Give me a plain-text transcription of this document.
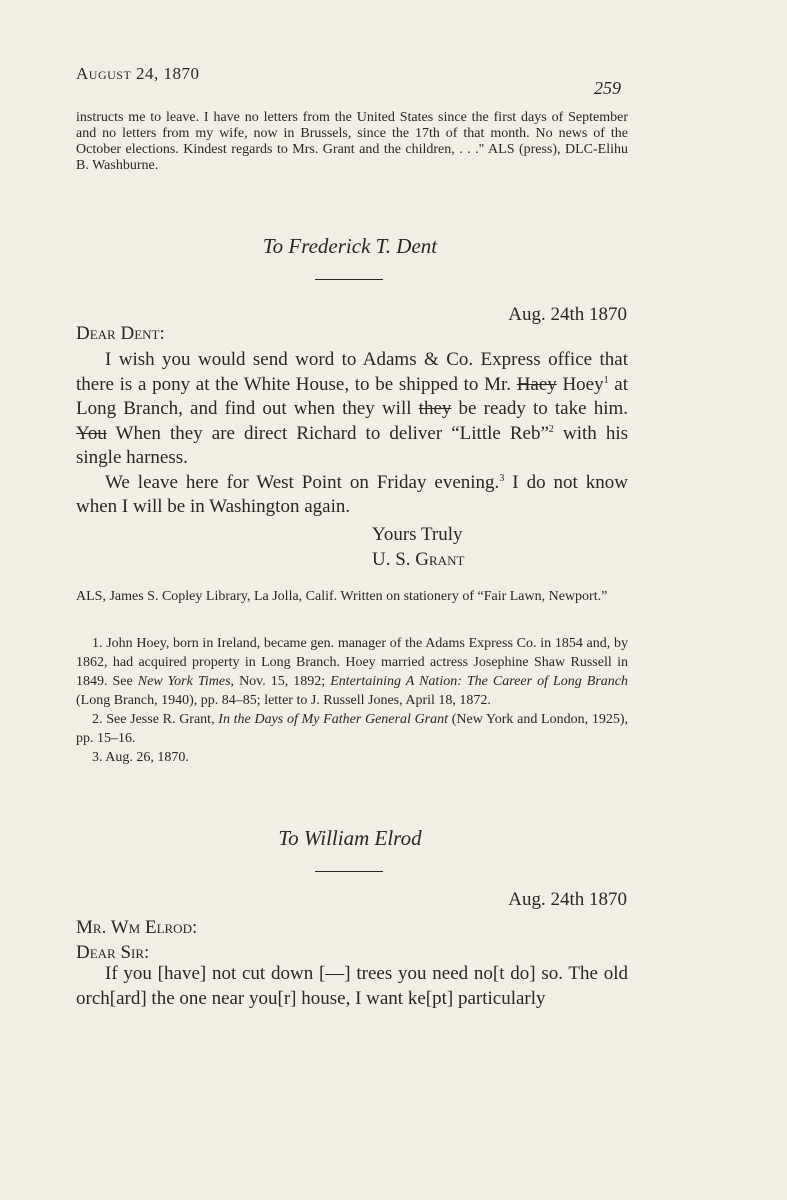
August 24, 1870
259
instructs me to leave. I have no letters from the United States since the first days of September and no letters from my wife, now in Brussels, since the 17th of that month. No news of the October elections. Kindest regards to Mrs. Grant and the children, . . ." ALS (press), DLC-Elihu B. Washburne.
To Frederick T. Dent
Aug. 24th 1870
Dear Dent:

I wish you would send word to Adams & Co. Express office that there is a pony at the White House, to be shipped to Mr. Haey Hoey$^1$ at Long Branch, and find out when they will they be ready to take him. You When they are direct Richard to deliver “Little Reb”$^2$ with his single harness.

We leave here for West Point on Friday evening.$^3$ I do not know when I will be in Washington again.

Yours Truly
U. S. Grant
ALS, James S. Copley Library, La Jolla, Calif. Written on stationery of “Fair Lawn, Newport.”

1. John Hoey, born in Ireland, became gen. manager of the Adams Express Co. in 1854 and, by 1862, had acquired property in Long Branch. Hoey married actress Josephine Shaw Russell in 1849. See New York Times, Nov. 15, 1892; Entertaining A Nation: The Career of Long Branch (Long Branch, 1940), pp. 84–85; letter to J. Russell Jones, April 18, 1872.

2. See Jesse R. Grant, In the Days of My Father General Grant (New York and London, 1925), pp. 15–16.

3. Aug. 26, 1870.

To William Elrod
Aug. 24th 1870
Mr. Wm Elrod:
Dear Sir:

If you [have] not cut down [—] trees you need no[t do] so. The old orch[ard] the one near you[r] house, I want ke[pt] particularly
